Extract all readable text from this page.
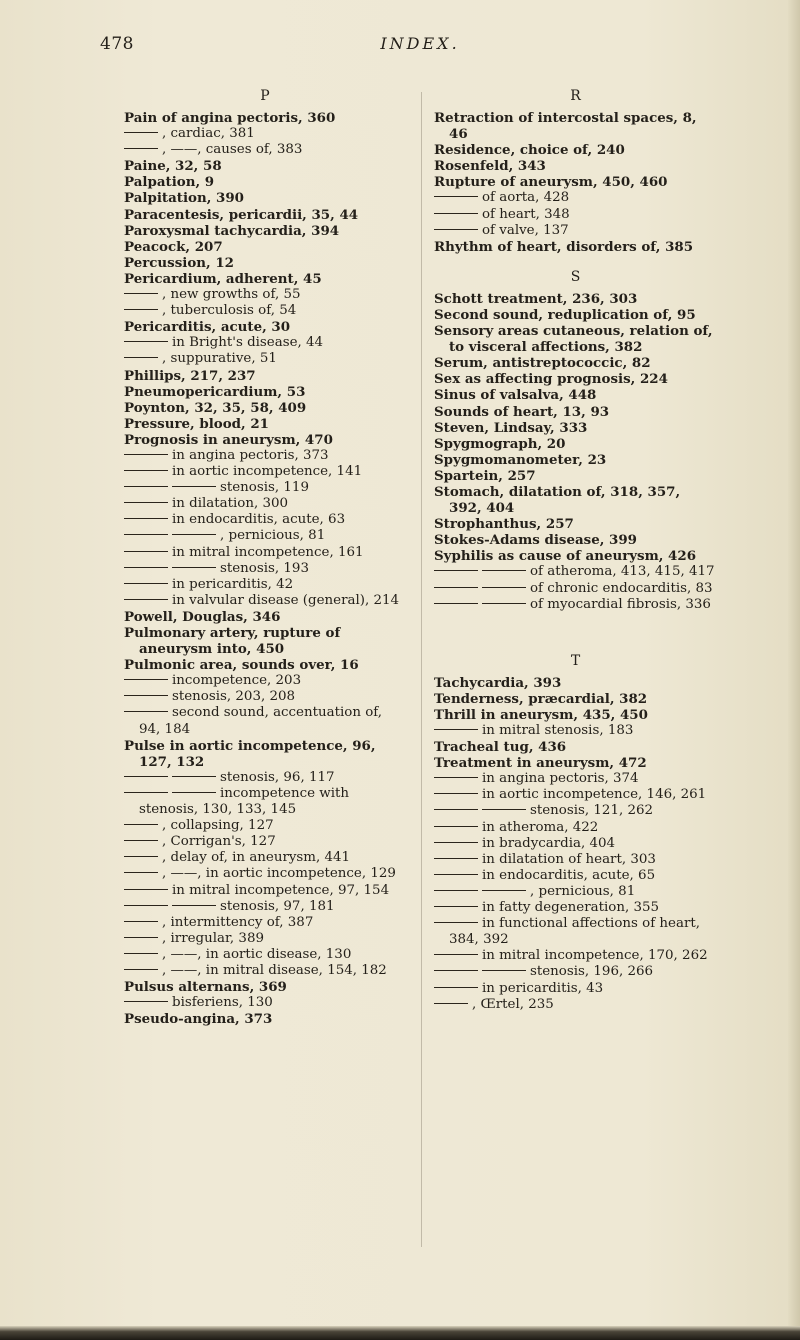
478	INDEX.
P
Pain of angina pectoris, 360
, cardiac, 381
, ——, causes of, 383
Paine, 32, 58
Palpation, 9
Palpitation, 390
Paracentesis, pericardii, 35, 44
Paroxysmal tachycardia, 394
Peacock, 207
Percussion, 12
Pericardium, adherent, 45
, new growths of, 55
, tuberculosis of, 54
Pericarditis, acute, 30
in Bright's disease, 44
, suppurative, 51
Phillips, 217, 237
Pneumopericardium, 53
Poynton, 32, 35, 58, 409
Pressure, blood, 21
Prognosis in aneurysm, 470
in angina pectoris, 373
in aortic incompetence, 141
stenosis, 119
in dilatation, 300
in endocarditis, acute, 63
, pernicious, 81
in mitral incompetence, 161
stenosis, 193
in pericarditis, 42
in valvular disease (general), 214
Powell, Douglas, 346
Pulmonary artery, rupture of aneurysm into, 450
Pulmonic area, sounds over, 16
incompetence, 203
stenosis, 203, 208
second sound, accentuation of, 94, 184
Pulse in aortic incompetence, 96, 127, 132
stenosis, 96, 117
incompetence with stenosis, 130, 133, 145
, collapsing, 127
, Corrigan's, 127
, delay of, in aneurysm, 441
, ——, in aortic incompetence, 129
in mitral incompetence, 97, 154
stenosis, 97, 181
, intermittency of, 387
, irregular, 389
, ——, in aortic disease, 130
, ——, in mitral disease, 154, 182
Pulsus alternans, 369
bisferiens, 130
Pseudo-angina, 373
R
Retraction of intercostal spaces, 8, 46
Residence, choice of, 240
Rosenfeld, 343
Rupture of aneurysm, 450, 460
of aorta, 428
of heart, 348
of valve, 137
Rhythm of heart, disorders of, 385
S
Schott treatment, 236, 303
Second sound, reduplication of, 95
Sensory areas cutaneous, relation of, to visceral affections, 382
Serum, antistreptococcic, 82
Sex as affecting prognosis, 224
Sinus of valsalva, 448
Sounds of heart, 13, 93
Steven, Lindsay, 333
Spygmograph, 20
Spygmomanometer, 23
Spartein, 257
Stomach, dilatation of, 318, 357, 392, 404
Strophanthus, 257
Stokes-Adams disease, 399
Syphilis as cause of aneurysm, 426
of atheroma, 413, 415, 417
of chronic endocarditis, 83
of myocardial fibrosis, 336
T
Tachycardia, 393
Tenderness, præcardial, 382
Thrill in aneurysm, 435, 450
in mitral stenosis, 183
Tracheal tug, 436
Treatment in aneurysm, 472
in angina pectoris, 374
in aortic incompetence, 146, 261
stenosis, 121, 262
in atheroma, 422
in bradycardia, 404
in dilatation of heart, 303
in endocarditis, acute, 65
, pernicious, 81
in fatty degeneration, 355
in functional affections of heart, 384, 392
in mitral incompetence, 170, 262
stenosis, 196, 266
in pericarditis, 43
, Œrtel, 235
